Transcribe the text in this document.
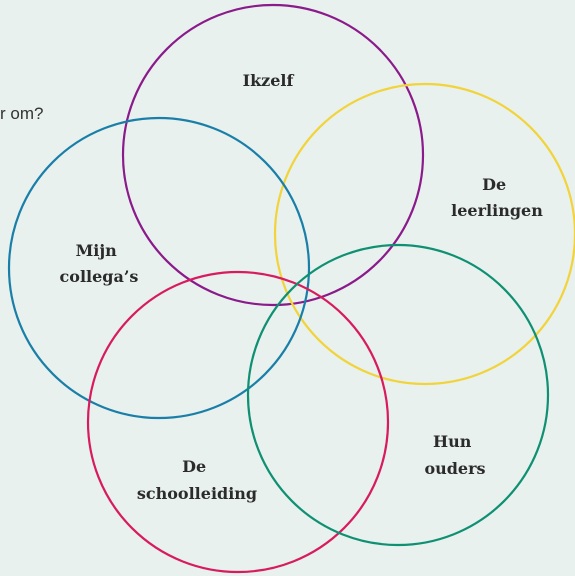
r om?
Ikzelf
De leerlingen
Mijn collega’s
De schoolleiding
Hun ouders
